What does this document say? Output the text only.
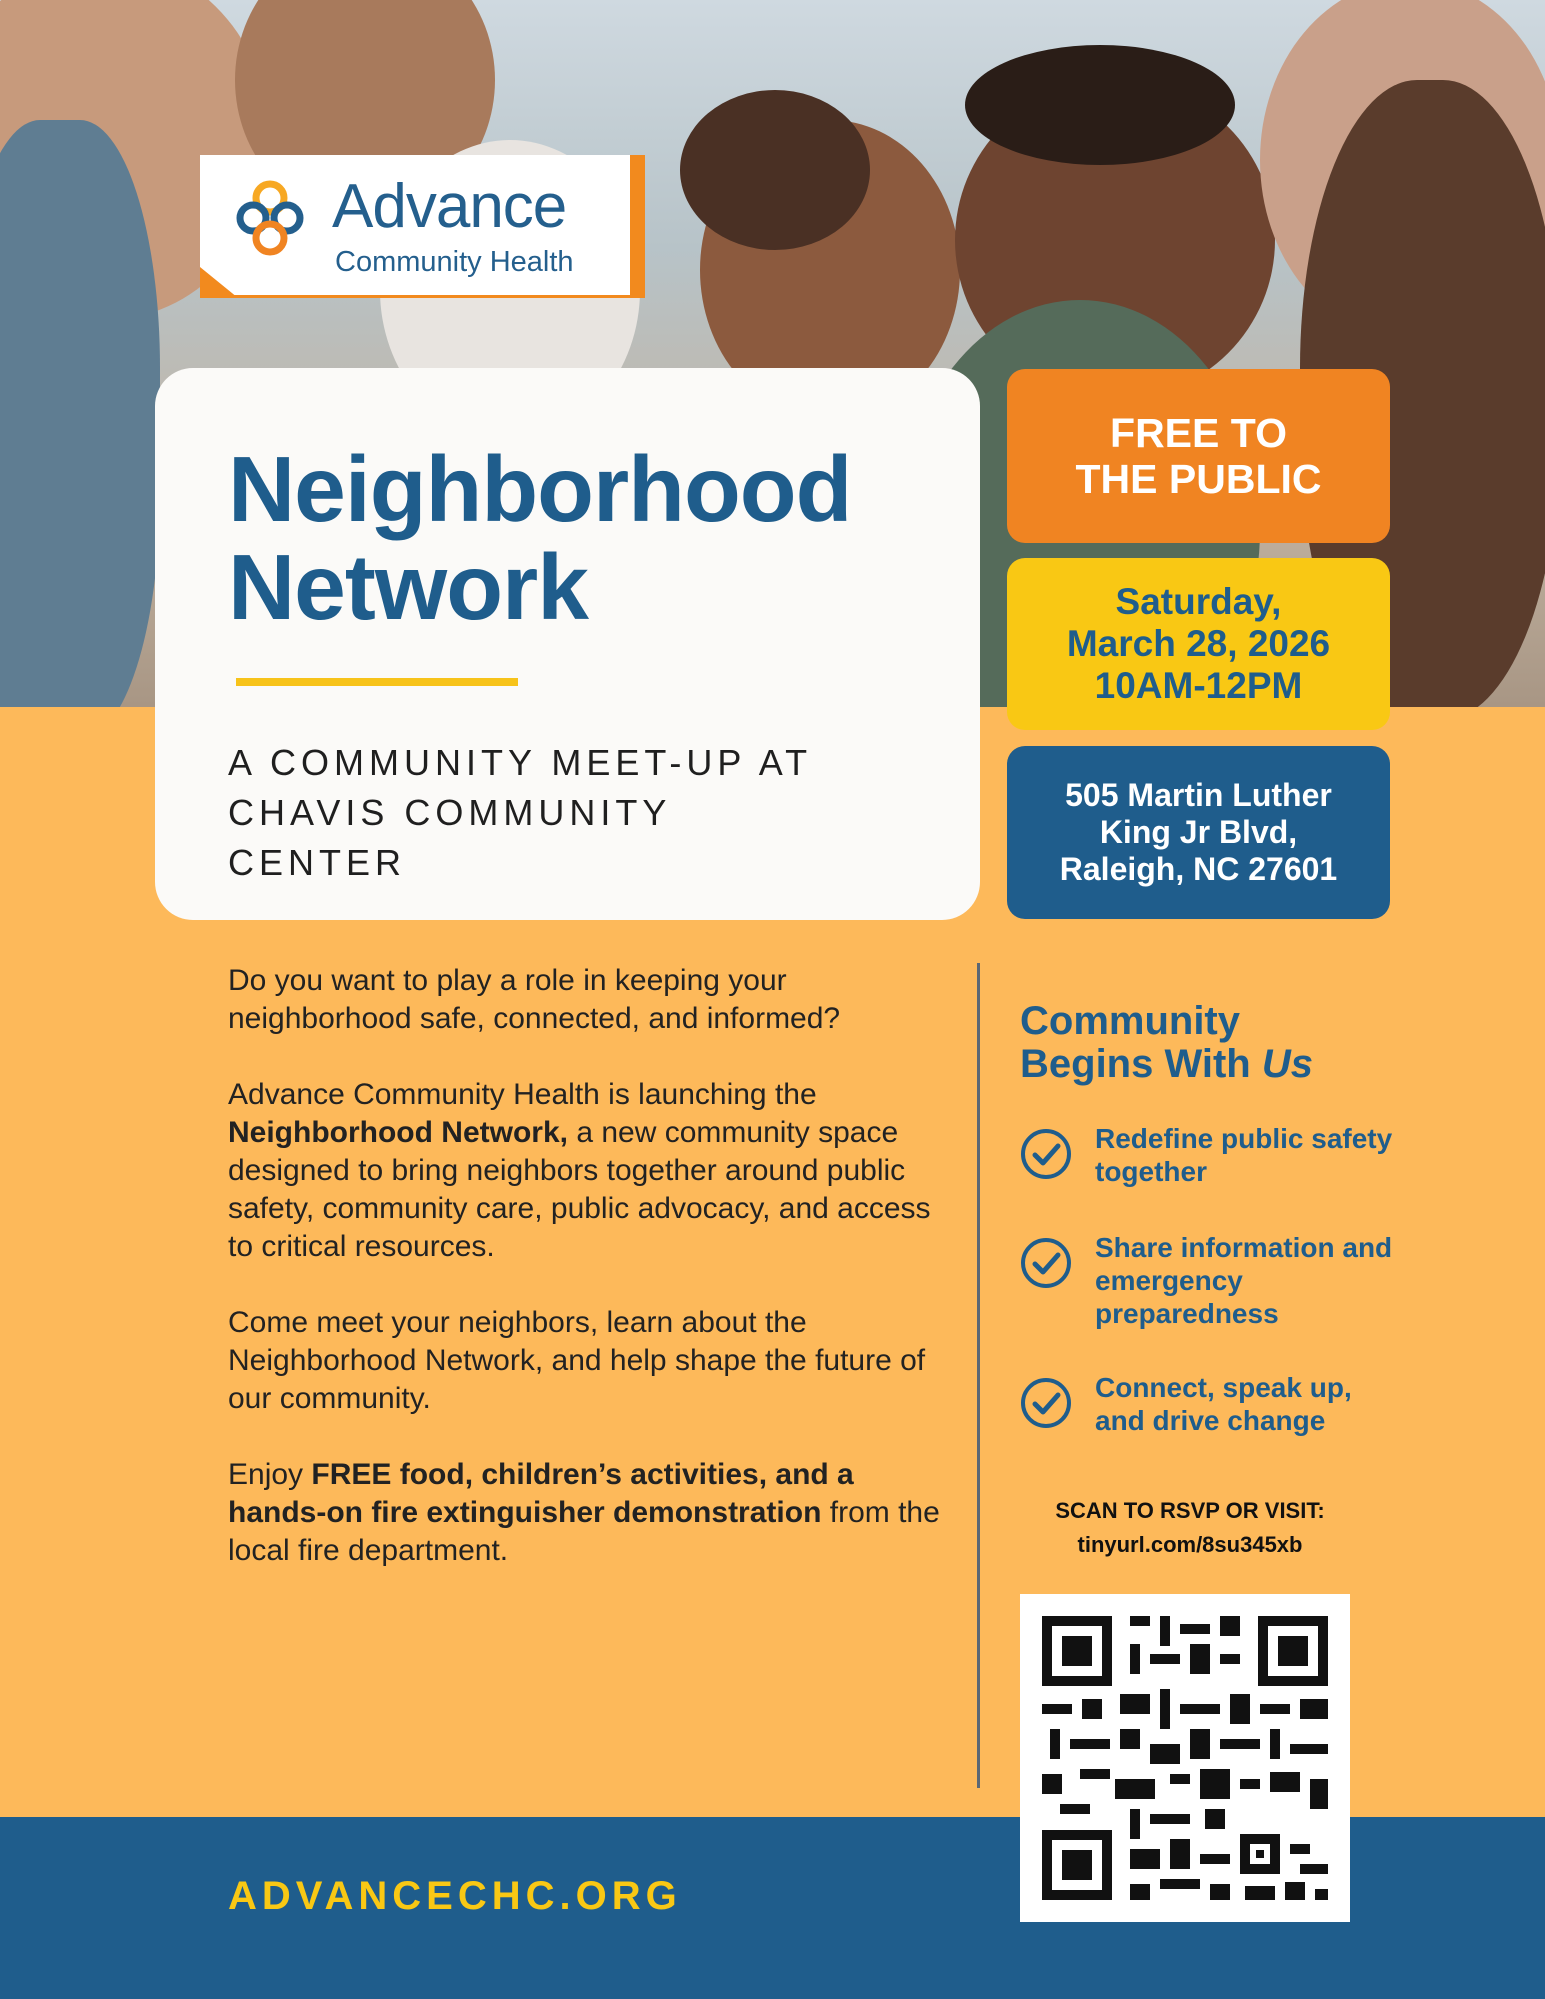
Advance
Community Health
Neighborhood
Network
A COMMUNITY MEET-UP AT CHAVIS COMMUNITY CENTER
FREE TO
THE PUBLIC
Saturday,
March 28, 2026
10AM-12PM
505 Martin Luther
King Jr Blvd,
Raleigh, NC 27601

Do you want to play a role in keeping your neighborhood safe, connected, and informed?

Advance Community Health is launching the Neighborhood Network, a new community space designed to bring neighbors together around public safety, community care, public advocacy, and access to critical resources.

Come meet your neighbors, learn about the Neighborhood Network, and help shape the future of our community.

Enjoy FREE food, children’s activities, and a hands-on fire extinguisher demonstration from the local fire department.

Community
Begins With Us
Redefine public safety together
Share information and emergency preparedness
Connect, speak up, and drive change
SCAN TO RSVP OR VISIT:
tinyurl.com/8su345xb
ADVANCECHC.ORG
